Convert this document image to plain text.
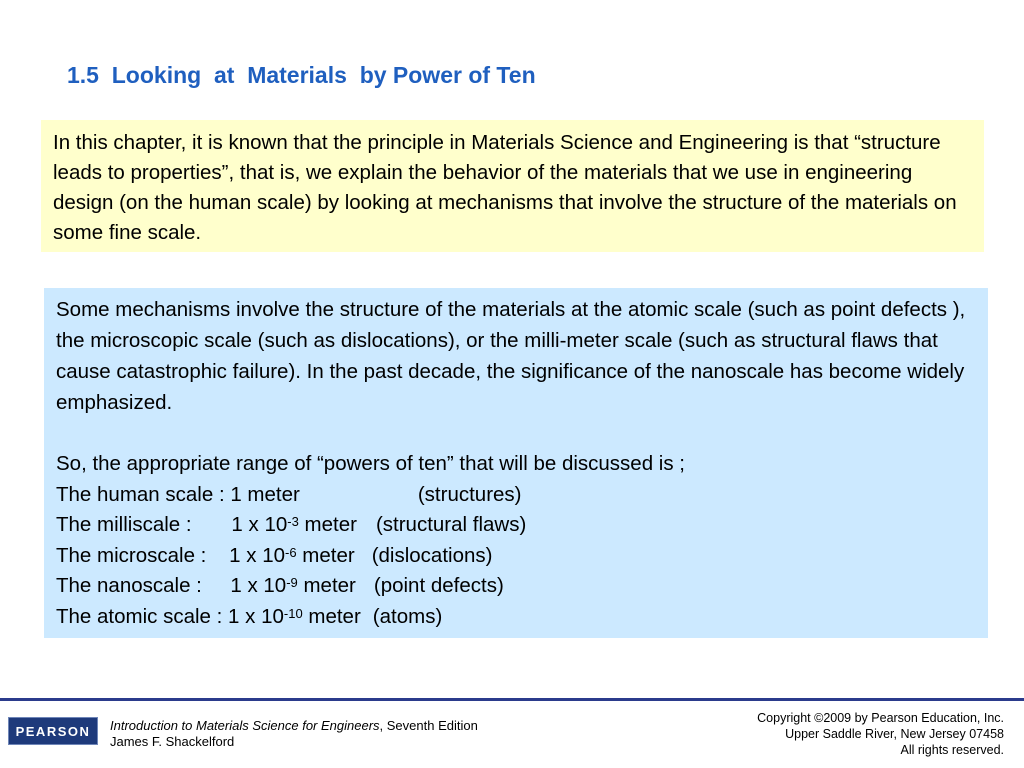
1.5  Looking  at  Materials  by Power of Ten

In this chapter, it is known that the principle in Materials Science and Engineering is that “structure leads to properties”, that is, we explain the behavior of the materials that we use in engineering design (on the human scale) by looking at mechanisms that involve the structure of the materials on some fine scale.

Some mechanisms involve the structure of the materials at the atomic scale (such as point defects ), the microscopic scale (such as dislocations), or the milli-meter scale (such as structural flaws that cause catastrophic failure). In the past decade, the significance of the nanoscale has become widely emphasized.

So, the appropriate range of “powers of ten” that will be discussed is ;
The human scale : 1 meter	(structures)
The milliscale :       1 x $10^{-3}$ meter (structural flaws)
The microscale :    1 x $10^{-6}$ meter (dislocations)
The nanoscale :     1 x $10^{-9}$ meter (point defects)
The atomic scale : 1 x $10^{-10}$ meter (atoms)
PEARSON	Introduction to Materials Science for Engineers, Seventh Edition
James F. Shackelford
Copyright ©2009 by Pearson Education, Inc.
Upper Saddle River, New Jersey 07458
All rights reserved.
